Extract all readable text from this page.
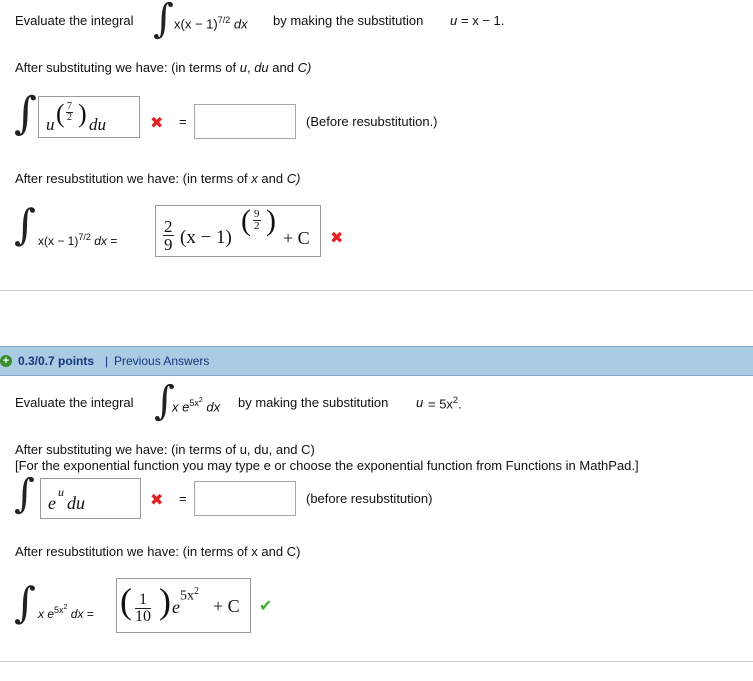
Evaluate the integral ∫ $x(x - 1)^{7/2}$ dx by making the substitution u = x − 1.
After substituting we have: (in terms of u, du and C)
∫ u ( $\frac{7}{2}$ ) du	✖ =	(Before resubstitution.)
After resubstitution we have: (in terms of x and C)
∫ $x(x - 1)^{7/2}$ dx =	$\frac{2}{9} (x - 1)$
( $\frac{9}{2}$ )
+ C ✖
+ 0.3/0.7 points | Previous Answers
Evaluate the integral ∫
x $e^{5x^2}$ dx by making the substitution $u = 5x^2$.
After substituting we have: (in terms of u, du, and C)
[For the exponential function you may type e or choose the exponential function from Functions in MathPad.]
∫ e
u
du	✖ =	(before resubstitution)
After resubstitution we have: (in terms of x and C)
∫ x $e^{5x^2}$ dx = ( $\frac{1}{10}$ ) e
$5x^2$
+ C ✔
